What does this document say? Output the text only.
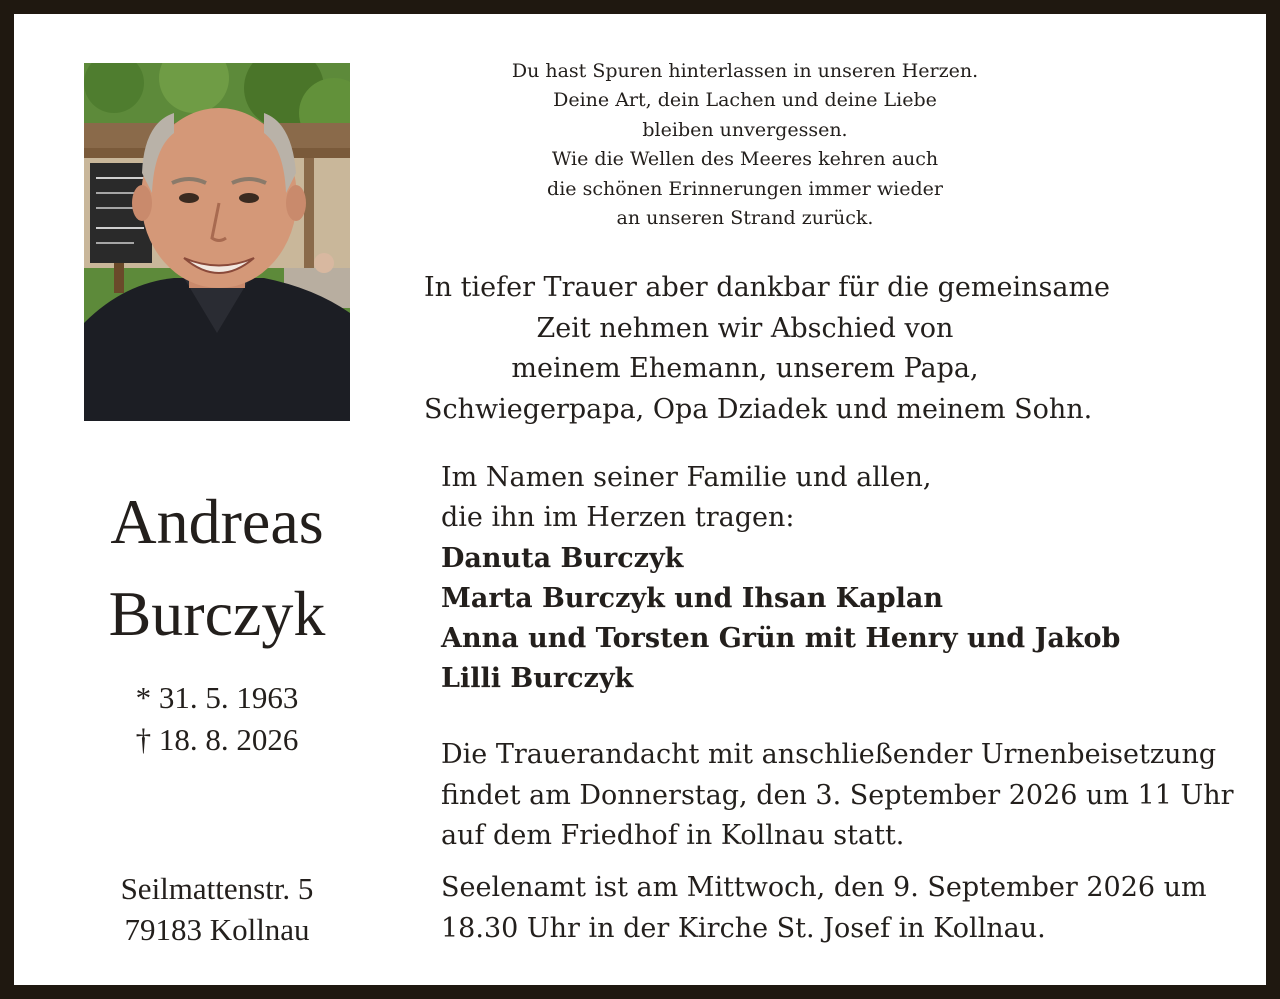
Andreas
Burczyk
* 31. 5. 1963
† 18. 8. 2026
Seilmattenstr. 5
79183 Kollnau
Du hast Spuren hinterlassen in unseren Herzen.
Deine Art, dein Lachen und deine Liebe
bleiben unvergessen.
Wie die Wellen des Meeres kehren auch
die schönen Erinnerungen immer wieder
an unseren Strand zurück.
In tiefer Trauer aber dankbar für die gemeinsame
Zeit nehmen wir Abschied von
meinem Ehemann, unserem Papa,
Schwiegerpapa, Opa Dziadek und meinem Sohn.
Im Namen seiner Familie und allen,
die ihn im Herzen tragen:
Danuta Burczyk
Marta Burczyk und Ihsan Kaplan
Anna und Torsten Grün mit Henry und Jakob
Lilli Burczyk
Die Trauerandacht mit anschließender Urnenbeisetzung
findet am Donnerstag, den 3. September 2026 um 11 Uhr
auf dem Friedhof in Kollnau statt.
Seelenamt ist am Mittwoch, den 9. September 2026 um
18.30 Uhr in der Kirche St. Josef in Kollnau.
